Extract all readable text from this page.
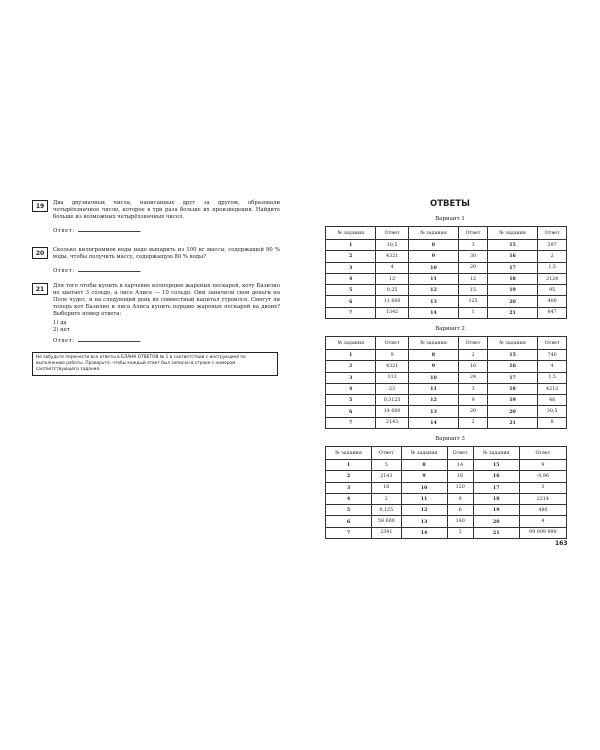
19	Два двузначных числа, написанных друг за другом, образовали четырёхзначное число, которое в три раза больше их произведения. Найдите больше из возможных четырёхзначных чисел.
Ответ:	.
20	Сколько килограммов воды надо выпарить из 100 кг массы, содержащей 90 % воды, чтобы получить массу, содержащую 80 % воды?
Ответ:	.
21	Для того чтобы купить в харчевне колпорцию жареных пескарей, коту Базилио не хватает 3 сольдо, а лисе Алисе — 10 сольдо. Они заначили свои деньги на Поле чудес, и на следующий день их совместный капитал утроился. Смогут ли теперь кот Базилио и лиса Алиса купить порцию жареных пескарей на двоих? Выберите номер ответа:
1) да
2) нет
Ответ:	.
Не забудьте перенести все ответы в БЛАНК ОТВЕТОВ № 1 в соответствии с инструкцией по выполнению работы. Проверьте, чтобы каждый ответ был записан в строке с номером соответствующего задания.
ОТВЕТЫ
Вариант 1
№ задания	Ответ	№ задания	Ответ	№ задания	Ответ
1	10,5	8	3	15	297
2	4321	9	30	16	2
3	4	10	20	17	1,5
4	12	11	12	18	2124
5	0,25	12	15	19	95
6	11 600	13	125	20	400
7	1342	14	1	21	647
Вариант 2
№ задания	Ответ	№ задания	Ответ	№ задания	Ответ
1	9	8	2	15	740
2	4321	9	16	16	4
3	113	10	24	17	1,5
4	23	11	3	18	4212
5	0,3125	12	9	19	48
6	14 600	13	20	20	30,5
7	2143	14	2	21	8
Вариант 3
№ задания	Ответ	№ задания	Ответ	№ задания	Ответ
1	5	8	14	15	9
2	2143	9	16	16	-0,96
3	16	10	120	17	3
4	2	11	9	18	2214
5	0,125	12	6	19	480
6	58 600	13	140	20	4
7	2341	14	3	21	99 999 998
163
